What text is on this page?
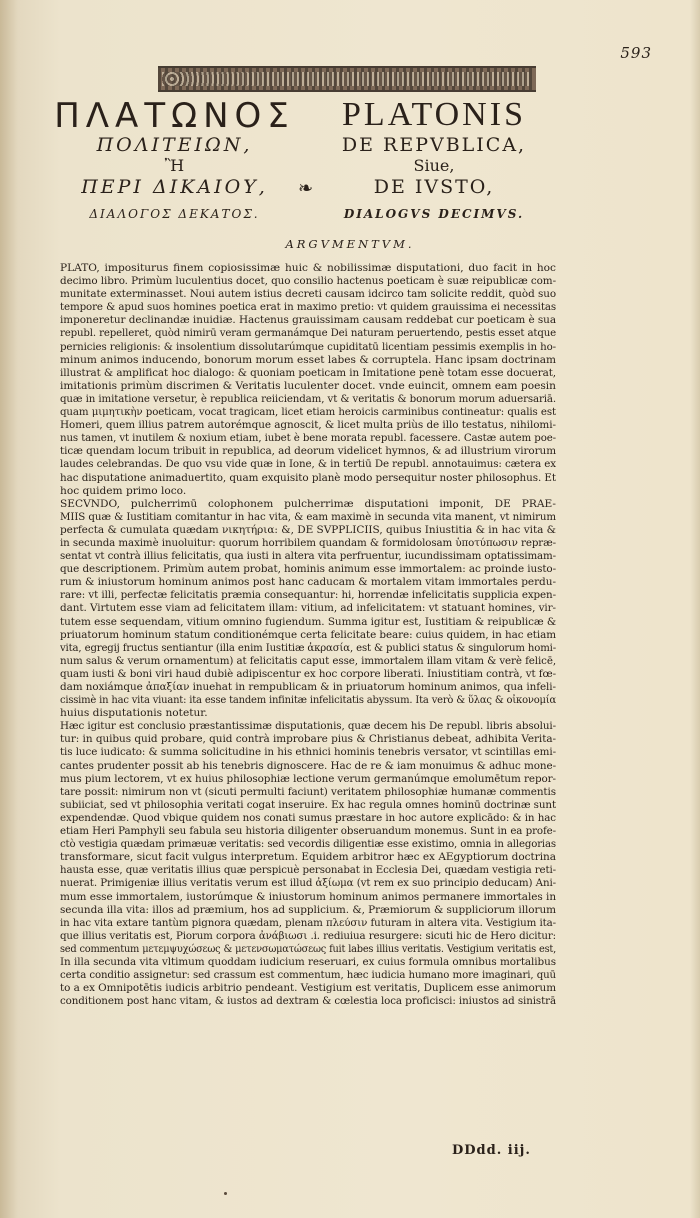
593
ΠΛΑΤΩΝΟΣ	PLATONIS
ΠΟΛΙΤΕΙΩΝ,	DE REPVBLICA,
Ἢ	Siue,
ΠΕΡΙ ΔΙΚΑΙΟΥ,	DE IVSTO,
❧
ΔΙΑΛΟΓΟΣ ΔΕΚΑΤΟΣ.	DIALOGVS DECIMVS.
ARGVMENTVM.
PLATO, impositurus finem copiosissimæ huic & nobilissimæ disputationi, duo facit in hoc
decimo libro. Primùm luculentius docet, quo consilio hactenus poeticam è suæ reipublicæ com-
munitate exterminasset. Noui autem istius decreti causam idcirco tam solicite reddit, quòd suo
tempore & apud suos homines poetica erat in maximo pretio: vt quidem grauissima ei necessitas
imponeretur declinandæ inuidiæ. Hactenus grauissimam causam reddebat cur poeticam è sua
republ. repelleret, quòd nimirū veram germanámque Dei naturam peruertendo, pestis esset atque
pernicies religionis: & insolentium dissolutarúmque cupiditatū licentiam pessimis exemplis in ho-
minum animos inducendo, bonorum morum esset labes & corruptela. Hanc ipsam doctrinam
illustrat & amplificat hoc dialogo: & quoniam poeticam in Imitatione penè totam esse docuerat,
imitationis primùm discrimen & Veritatis luculenter docet. vnde euincit, omnem eam poesin
quæ in imitatione versetur, è republica reiiciendam, vt & veritatis & bonorum morum aduersariā.
quam μιμητικὴν poeticam, vocat tragicam, licet etiam heroicis carminibus contineatur: qualis est
Homeri, quem illius patrem autorémque agnoscit, & licet multa priùs de illo testatus, nihilomi-
nus tamen, vt inutilem & noxium etiam, iubet è bene morata republ. facessere. Castæ autem poe-
ticæ quendam locum tribuit in republica, ad deorum videlicet hymnos, & ad illustrium virorum
laudes celebrandas. De quo vsu vide quæ in Ione, & in tertiū De republ. annotauimus: cætera ex
hac disputatione animaduertito, quam exquisito planè modo persequitur noster philosophus. Et
hoc quidem primo loco.
SECVNDO, pulcherrimū colophonem pulcherrimæ disputationi imponit, DE PRAE-
MIIS quæ & Iustitiam comitantur in hac vita, & eam maximè in secunda vita manent, vt nimirum
perfecta & cumulata quædam νικητήρια: &, DE SVPPLICIIS, quibus Iniustitia & in hac vita &
in secunda maximè inuoluitur: quorum horribilem quandam & formidolosam ὑποτύπωσιν repræ-
sentat vt contrà illius felicitatis, qua iusti in altera vita perfruentur, iucundissimam optatissimam-
que descriptionem. Primùm autem probat, hominis animum esse immortalem: ac proinde iusto-
rum & iniustorum hominum animos post hanc caducam & mortalem vitam immortales perdu-
rare: vt illi, perfectæ felicitatis præmia consequantur: hi, horrendæ infelicitatis supplicia expen-
dant. Virtutem esse viam ad felicitatem illam: vitium, ad infelicitatem: vt statuant homines, vir-
tutem esse sequendam, vitium omnino fugiendum. Summa igitur est, Iustitiam & reipublicæ &
priuatorum hominum statum conditionémque certa felicitate beare: cuius quidem, in hac etiam
vita, egregij fructus sentiantur (illa enim Iustitiæ ἀκρασία, est & publici status & singulorum homi-
num salus & verum ornamentum) at felicitatis caput esse, immortalem illam vitam & verè felicē,
quam iusti & boni viri haud dubiè adipiscentur ex hoc corpore liberati. Iniustitiam contrà, vt fœ-
dam noxiámque ἀπαξίαν inuehat in rempublicam & in priuatorum hominum animos, qua infeli-
cissimè in hac vita viuant: ita esse tandem infinitæ infelicitatis abyssum. Ita verò & ὕλας & οἰκονομία
huius disputationis notetur.
Hæc igitur est conclusio præstantissimæ disputationis, quæ decem his De republ. libris absolui-
tur: in quibus quid probare, quid contrà improbare pius & Christianus debeat, adhibita Verita-
tis luce iudicato: & summa solicitudine in his ethnici hominis tenebris versator, vt scintillas emi-
cantes prudenter possit ab his tenebris dignoscere. Hac de re & iam monuimus & adhuc mone-
mus pium lectorem, vt ex huius philosophiæ lectione verum germanúmque emolumētum repor-
tare possit: nimirum non vt (sicuti permulti faciunt) veritatem philosophiæ humanæ commentis
subiiciat, sed vt philosophia veritati cogat inseruire. Ex hac regula omnes hominū doctrinæ sunt
expendendæ. Quod vbique quidem nos conati sumus præstare in hoc autore explicādo: & in hac
etiam Heri Pamphyli seu fabula seu historia diligenter obseruandum monemus. Sunt in ea profe-
ctò vestigia quædam primæuæ veritatis: sed vecordis diligentiæ esse existimo, omnia in allegorias
transformare, sicut facit vulgus interpretum. Equidem arbitror hæc ex AEgyptiorum doctrina
hausta esse, quæ veritatis illius quæ perspicuè personabat in Ecclesia Dei, quædam vestigia reti-
nuerat. Primigeniæ illius veritatis verum est illud ἀξίωμα (vt rem ex suo principio deducam) Ani-
mum esse immortalem, iustorúmque & iniustorum hominum animos permanere immortales in
secunda illa vita: illos ad præmium, hos ad supplicium. &, Præmiorum & suppliciorum illorum
in hac vita extare tantùm pignora quædam, plenam πλεύσιν futuram in altera vita. Vestigium ita-
que illius veritatis est, Piorum corpora ἀνάβιωσι .i. rediuiua resurgere: sicuti hic de Hero dicitur:
sed commentum μετεμψυχώσεως & μετενσωματώσεως fuit labes illius veritatis. Vestigium veritatis est,
In illa secunda vita vltimum quoddam iudicium reseruari, ex cuius formula omnibus mortalibus
certa conditio assignetur: sed crassum est commentum, hæc iudicia humano more imaginari, quū
to a ex Omnipotētis iudicis arbitrio pendeant. Vestigium est veritatis, Duplicem esse animorum
conditionem post hanc vitam, & iustos ad dextram & cœlestia loca proficisci: iniustos ad sinistrā
DDdd. iij.
